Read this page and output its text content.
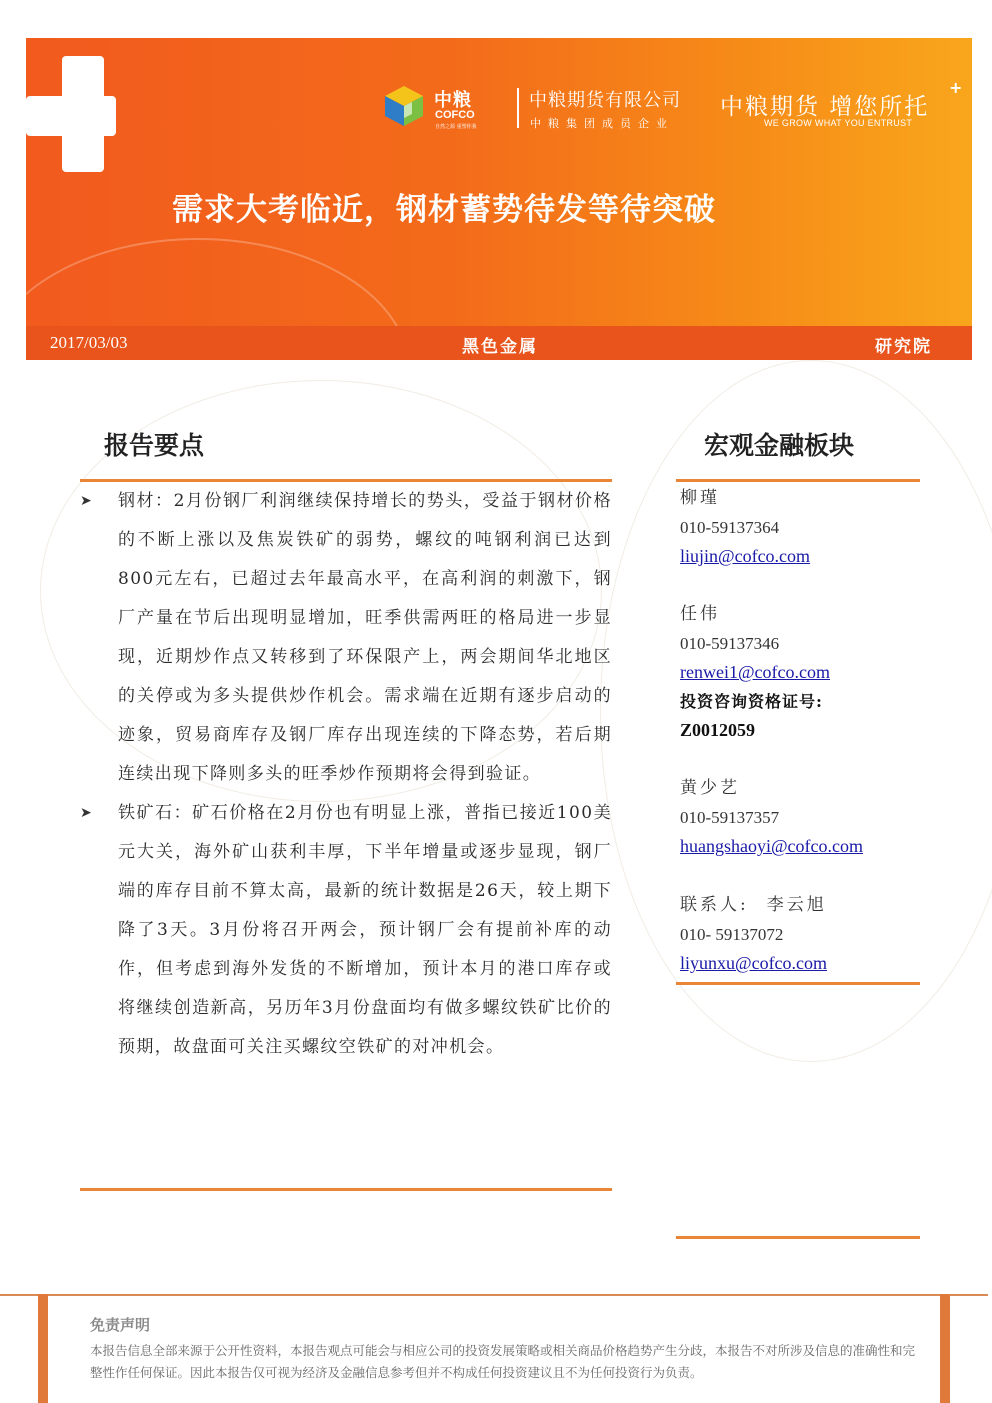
中粮
COFCO
自然之源 重塑你我
中粮期货有限公司
中粮集团成员企业
中粮期货 增您所托
+
WE GROW WHAT YOU ENTRUST
需求大考临近，钢材蓄势待发等待突破
2017/03/03	黑色金属	研究院
报告要点
➤ 钢材：2月份钢厂利润继续保持增长的势头，受益于钢材价格的不断上涨以及焦炭铁矿的弱势，螺纹的吨钢利润已达到800元左右，已超过去年最高水平，在高利润的刺激下，钢厂产量在节后出现明显增加，旺季供需两旺的格局进一步显现，近期炒作点又转移到了环保限产上，两会期间华北地区的关停或为多头提供炒作机会。需求端在近期有逐步启动的迹象，贸易商库存及钢厂库存出现连续的下降态势，若后期连续出现下降则多头的旺季炒作预期将会得到验证。

➤ 铁矿石：矿石价格在2月份也有明显上涨，普指已接近100美元大关，海外矿山获利丰厚，下半年增量或逐步显现，钢厂端的库存目前不算太高，最新的统计数据是26天，较上期下降了3天。3月份将召开两会，预计钢厂会有提前补库的动作，但考虑到海外发货的不断增加，预计本月的港口库存或将继续创造新高，另历年3月份盘面均有做多螺纹铁矿比价的预期，故盘面可关注买螺纹空铁矿的对冲机会。

宏观金融板块
柳瑾
010-59137364
liujin@cofco.com
任伟
010-59137346
renwei1@cofco.com
投资咨询资格证号:
Z0012059
黄少艺
010-59137357
huangshaoyi@cofco.com
联系人: 李云旭
010- 59137072
liyunxu@cofco.com
免责声明

本报告信息全部来源于公开性资料，本报告观点可能会与相应公司的投资发展策略或相关商品价格趋势产生分歧，本报告不对所涉及信息的准确性和完整性作任何保证。因此本报告仅可视为经济及金融信息参考但并不构成任何投资建议且不为任何投资行为负责。
